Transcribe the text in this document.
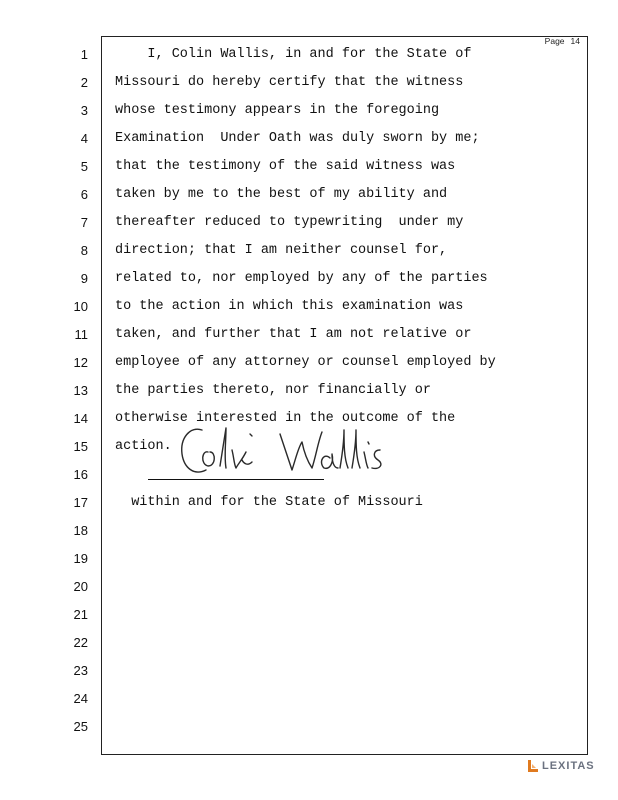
Page 14
1
2
3
4
5
6
7
8
9
10
11
12
13
14
15
16
17
18
19
20
21
22
23
24
25
I, Colin Wallis, in and for the State of
Missouri do hereby certify that the witness
whose testimony appears in the foregoing
Examination  Under Oath was duly sworn by me;
that the testimony of the said witness was
taken by me to the best of my ability and
thereafter reduced to typewriting  under my
direction; that I am neither counsel for,
related to, nor employed by any of the parties
to the action in which this examination was
taken, and further that I am not relative or
employee of any attorney or counsel employed by
the parties thereto, nor financially or
otherwise interested in the outcome of the
action.
within and for the State of Missouri
LEXITAS
